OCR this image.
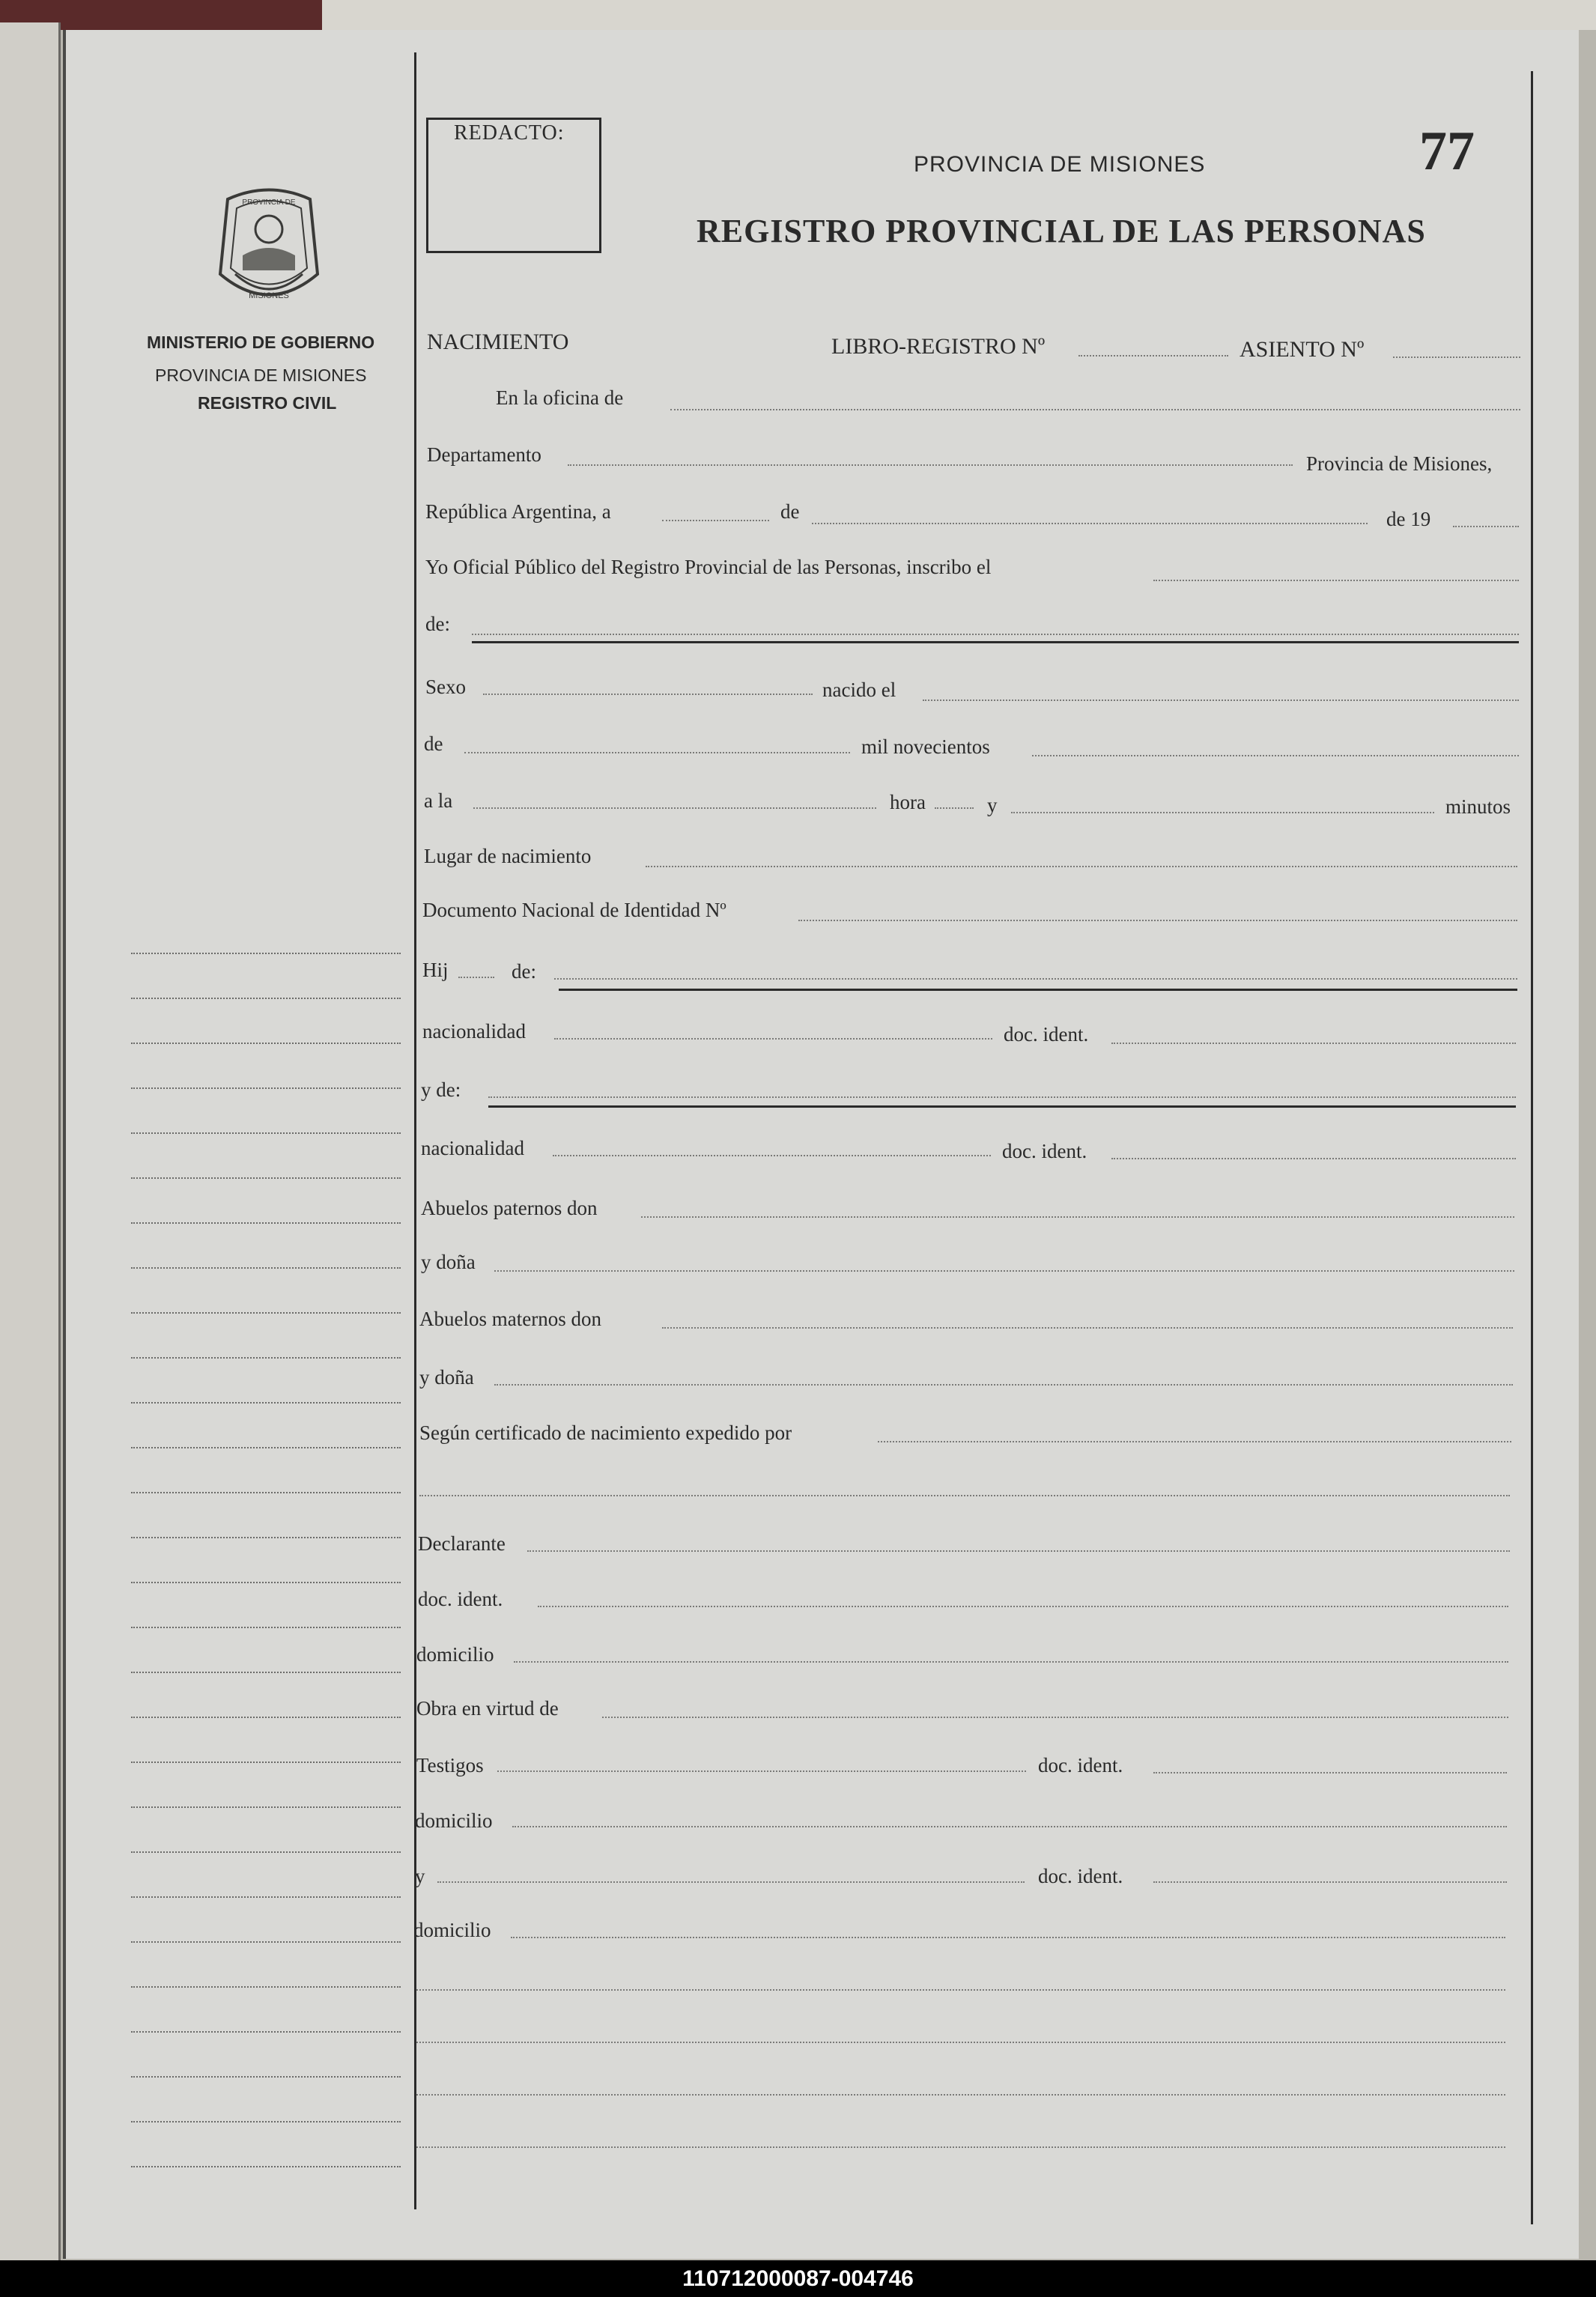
REDACTO:
PROVINCIA DE MISIONES
REGISTRO PROVINCIAL DE LAS PERSONAS
77
PROVINCIA DE
MISIONES
MINISTERIO DE GOBIERNO
PROVINCIA DE MISIONES
REGISTRO CIVIL
NACIMIENTO	LIBRO-REGISTRO Nº	ASIENTO Nº
En la oficina de
Departamento	Provincia de Misiones,
República Argentina, a	de	de 19
Yo Oficial Público del Registro Provincial de las Personas, inscribo el
de:
Sexo	nacido el
de	mil novecientos
a la	hora	y	minutos
Lugar de nacimiento
Documento Nacional de Identidad Nº
Hij	de:
nacionalidad	doc. ident.
y de:
nacionalidad	doc. ident.
Abuelos paternos don
y doña
Abuelos maternos don
y doña
Según certificado de nacimiento expedido por
Declarante
doc. ident.
domicilio
Obra en virtud de
Testigos	doc. ident.
domicilio
y	doc. ident.
domicilio
110712000087-004746
